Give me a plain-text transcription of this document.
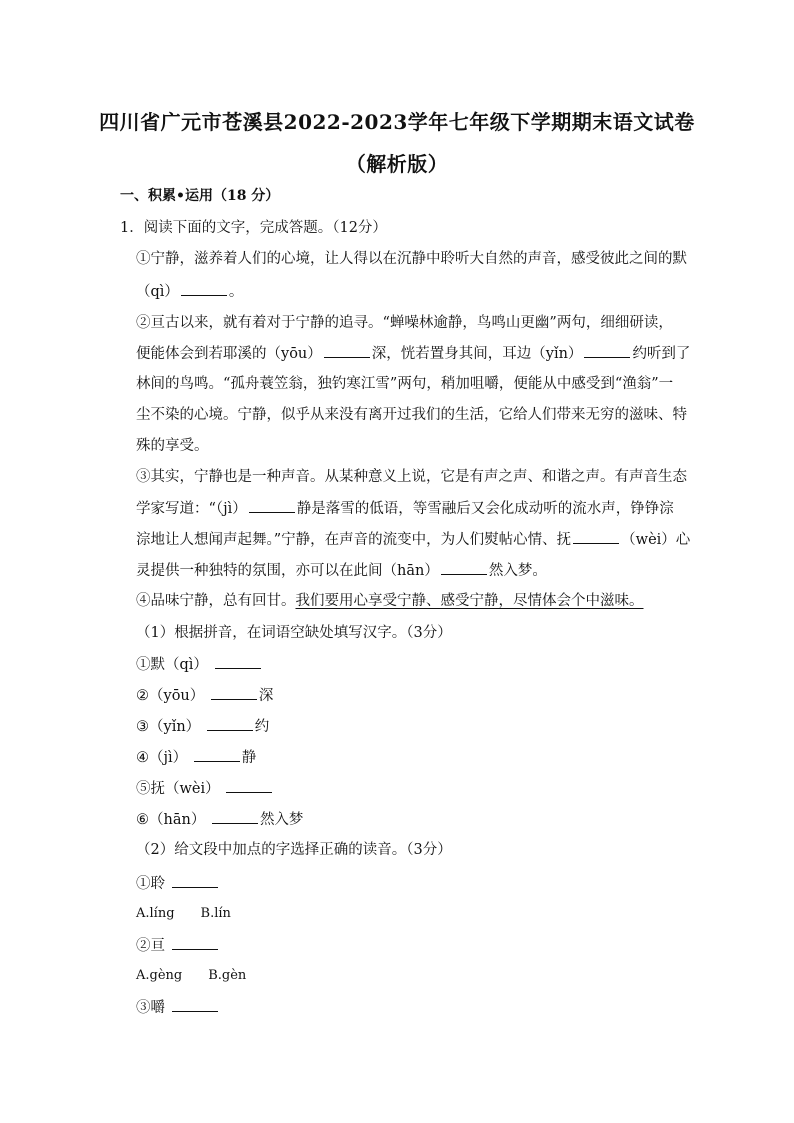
四川省广元市苍溪县2022-2023学年七年级下学期期末语文试卷
（解析版）
一、积累•运用（18 分）
1．阅读下面的文字，完成答题。（12分）
①宁静，滋养着人们的心境，让人得以在沉静中聆听大自然的声音，感受彼此之间的默
（qì）	。
②亘古以来，就有着对于宁静的追寻。“蝉噪林逾静，鸟鸣山更幽”两句，细细研读，
便能体会到若耶溪的（yōu）	深，恍若置身其间，耳边（yǐn）	约听到了
林间的鸟鸣。“孤舟蓑笠翁，独钓寒江雪”两句，稍加咀嚼，便能从中感受到“渔翁”一
尘不染的心境。宁静，似乎从来没有离开过我们的生活，它给人们带来无穷的滋味、特
殊的享受。
③其实，宁静也是一种声音。从某种意义上说，它是有声之声、和谐之声。有声音生态
学家写道：“（jì）	静是落雪的低语，等雪融后又会化成动听的流水声，铮铮淙
淙地让人想闻声起舞。”宁静，在声音的流变中，为人们熨帖心情、抚	（wèi）心
灵提供一种独特的氛围，亦可以在此间（hān）	然入梦。
④品味宁静，总有回甘。我们要用心享受宁静、感受宁静，尽情体会个中滋味。
（1）根据拼音，在词语空缺处填写汉字。（3分）
①默（qì）
②（yōu）	深
③（yǐn）	约
④（jì）	静
⑤抚（wèi）
⑥（hān）	然入梦
（2）给文段中加点的字选择正确的读音。（3分）
①聆
A.líng　　B.lín
②亘
A.gèng　　B.gèn
③嚼
